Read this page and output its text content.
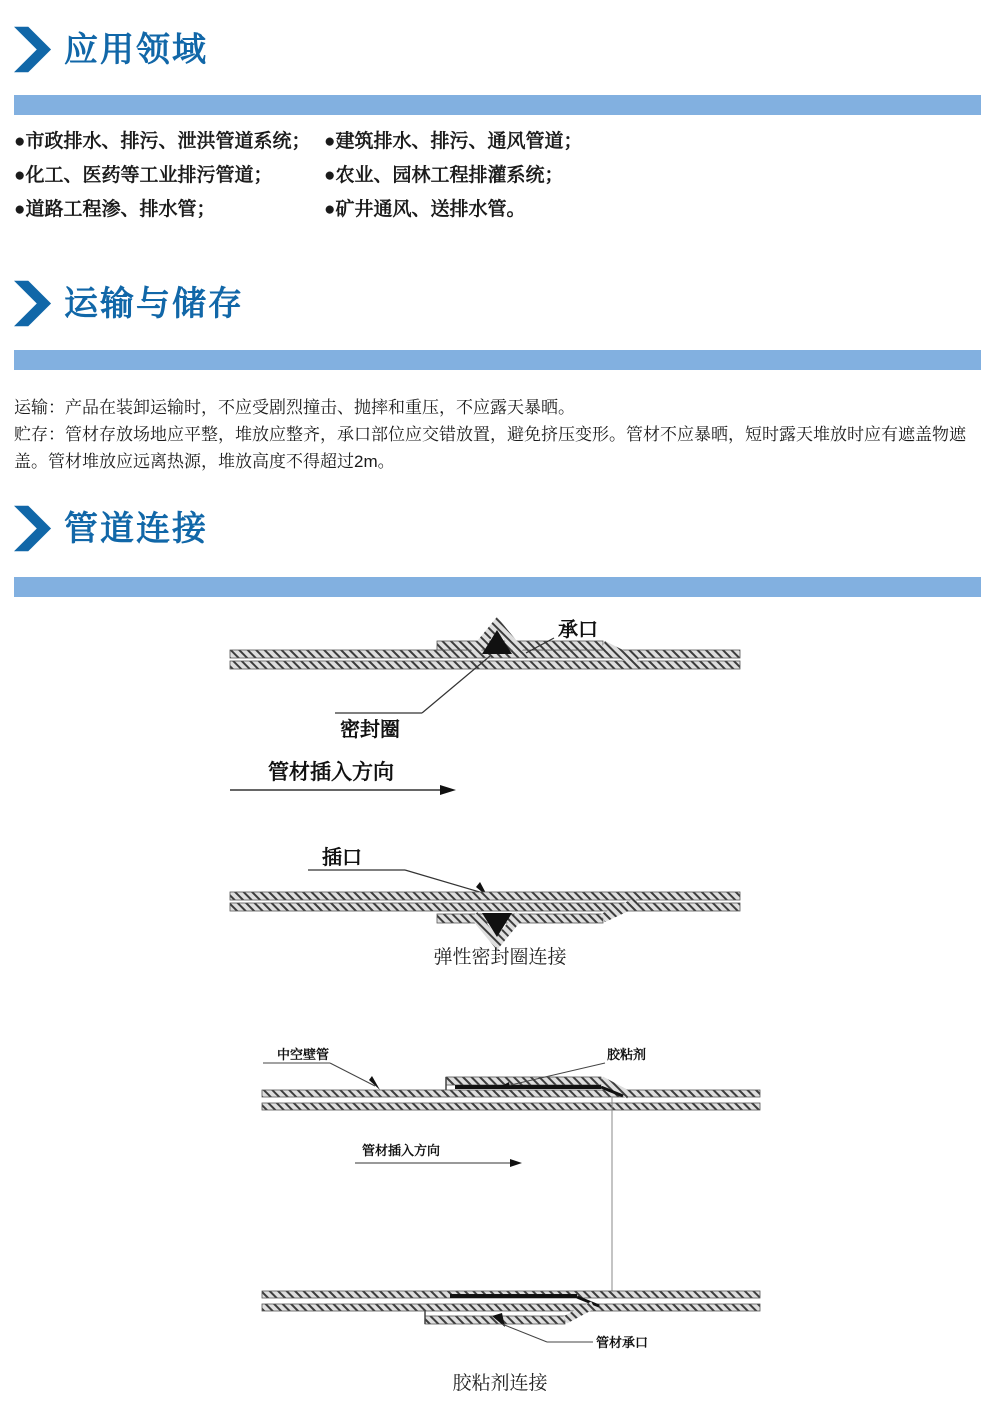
应用领域
●市政排水、排污、泄洪管道系统； ●建筑排水、排污、通风管道；
●化工、医药等工业排污管道；	●农业、园林工程排灌系统；
●道路工程渗、排水管；	●矿井通风、送排水管。
运输与储存

运输：产品在装卸运输时，不应受剧烈撞击、抛摔和重压，不应露天暴晒。

贮存：管材存放场地应平整，堆放应整齐，承口部位应交错放置，避免挤压变形。管材不应暴晒，短时露天堆放时应有遮盖物遮盖。管材堆放应远离热源，堆放高度不得超过2m。

管道连接
承口
密封圈
管材插入方向
插口
弹性密封圈连接
中空壁管	胶粘剂
管材插入方向
管材承口
胶粘剂连接
